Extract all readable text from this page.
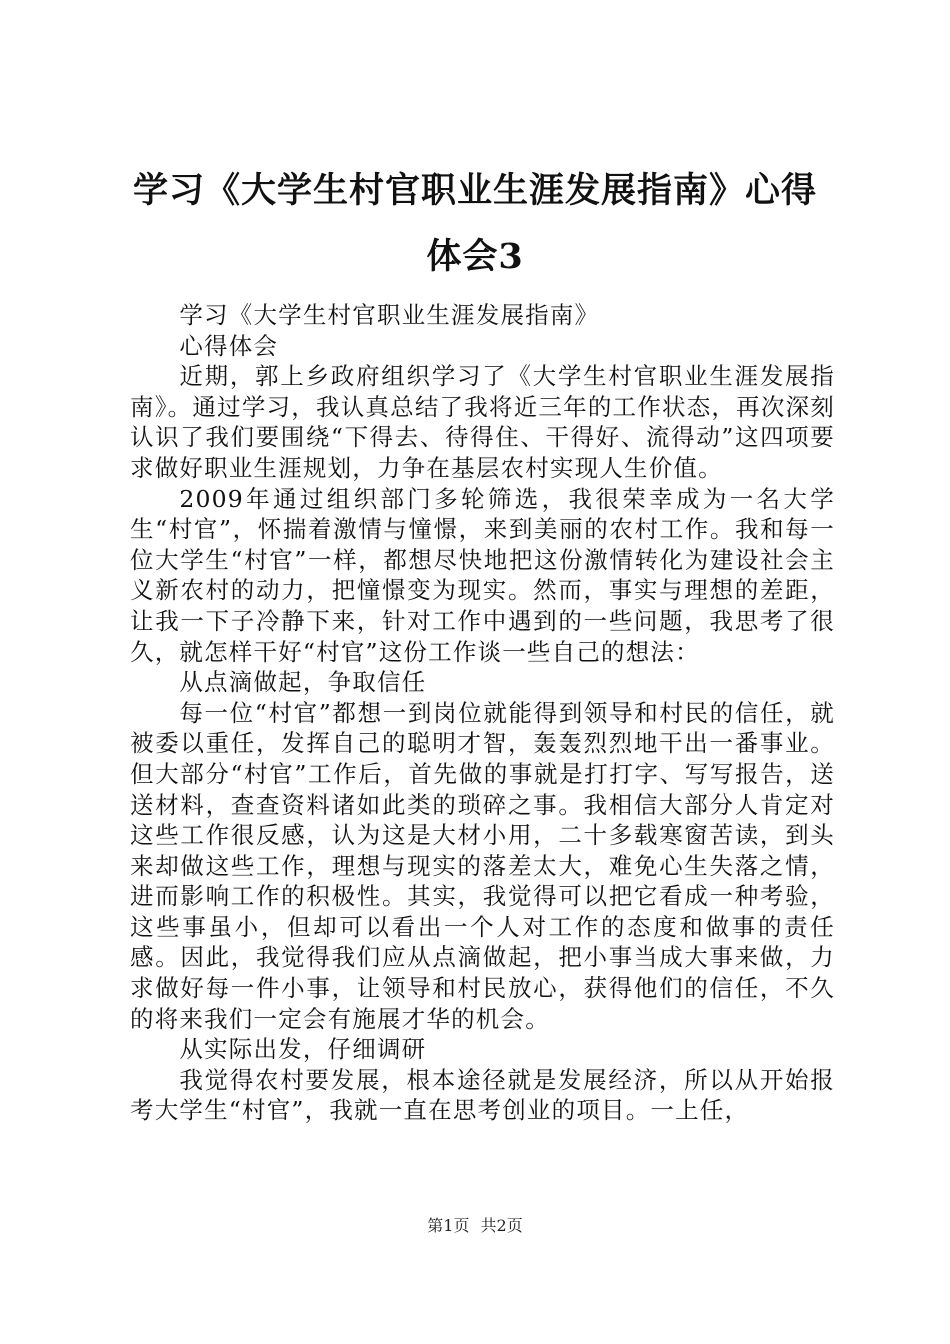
学习《大学生村官职业生涯发展指南》心得体会3

学习《大学生村官职业生涯发展指南》

心得体会

近期，郭上乡政府组织学习了《大学生村官职业生涯发展指南》。通过学习，我认真总结了我将近三年的工作状态，再次深刻认识了我们要围绕“下得去、待得住、干得好、流得动”这四项要求做好职业生涯规划，力争在基层农村实现人生价值。

2009年通过组织部门多轮筛选，我很荣幸成为一名大学生“村官”，怀揣着激情与憧憬，来到美丽的农村工作。我和每一位大学生“村官”一样，都想尽快地把这份激情转化为建设社会主义新农村的动力，把憧憬变为现实。然而，事实与理想的差距，让我一下子冷静下来，针对工作中遇到的一些问题，我思考了很久，就怎样干好“村官”这份工作谈一些自己的想法：

从点滴做起，争取信任

每一位“村官”都想一到岗位就能得到领导和村民的信任，就被委以重任，发挥自己的聪明才智，轰轰烈烈地干出一番事业。但大部分“村官”工作后，首先做的事就是打打字、写写报告，送送材料，查查资料诸如此类的琐碎之事。我相信大部分人肯定对这些工作很反感，认为这是大材小用，二十多载寒窗苦读，到头来却做这些工作，理想与现实的落差太大，难免心生失落之情，进而影响工作的积极性。其实，我觉得可以把它看成一种考验，这些事虽小，但却可以看出一个人对工作的态度和做事的责任感。因此，我觉得我们应从点滴做起，把小事当成大事来做，力求做好每一件小事，让领导和村民放心，获得他们的信任，不久的将来我们一定会有施展才华的机会。

从实际出发，仔细调研

我觉得农村要发展，根本途径就是发展经济，所以从开始报考大学生“村官”，我就一直在思考创业的项目。一上任，

第1页 共2页
